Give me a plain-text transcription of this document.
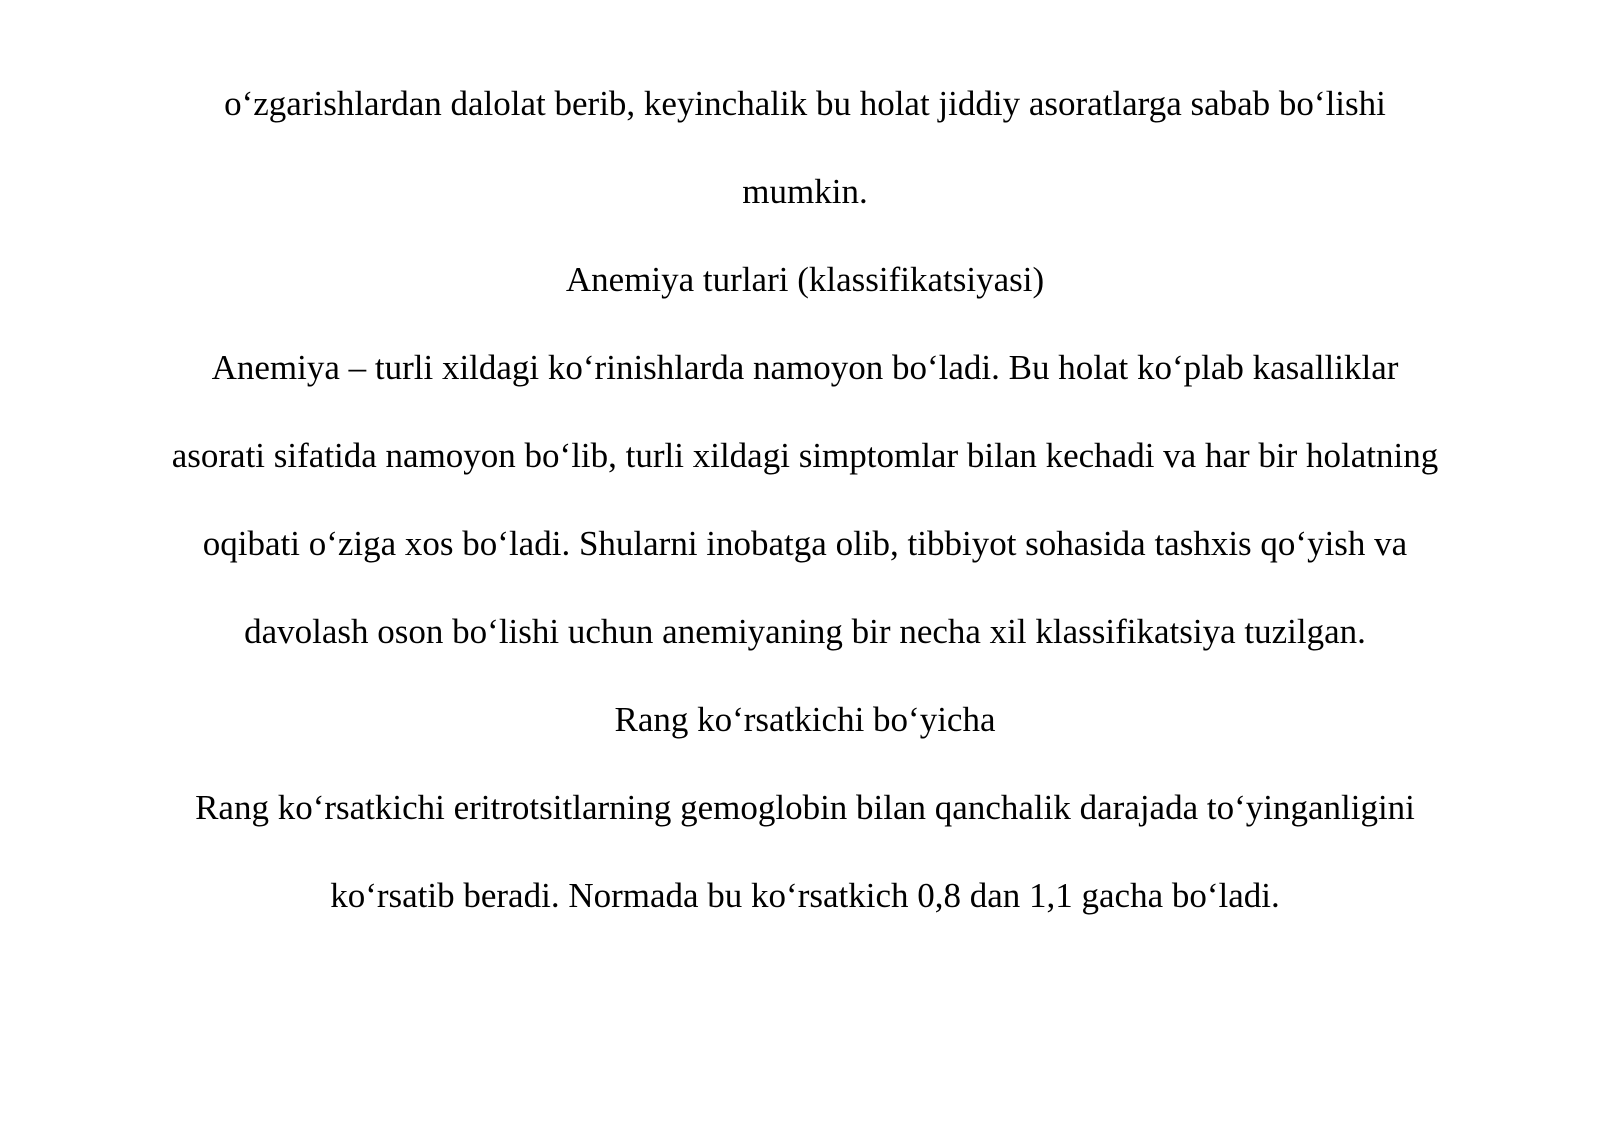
o‘zgarishlardan dalolat berib, keyinchalik bu holat jiddiy asoratlarga sabab bo‘lishi

mumkin.

Anemiya turlari (klassifikatsiyasi)

Anemiya – turli xildagi ko‘rinishlarda namoyon bo‘ladi. Bu holat ko‘plab kasalliklar

asorati sifatida namoyon bo‘lib, turli xildagi simptomlar bilan kechadi va har bir holatning

oqibati o‘ziga xos bo‘ladi. Shularni inobatga olib, tibbiyot sohasida tashxis qo‘yish va

davolash oson bo‘lishi uchun anemiyaning bir necha xil klassifikatsiya tuzilgan.

Rang ko‘rsatkichi bo‘yicha

Rang ko‘rsatkichi eritrotsitlarning gemoglobin bilan qanchalik darajada to‘yinganligini

ko‘rsatib beradi. Normada bu ko‘rsatkich 0,8 dan 1,1 gacha bo‘ladi.
